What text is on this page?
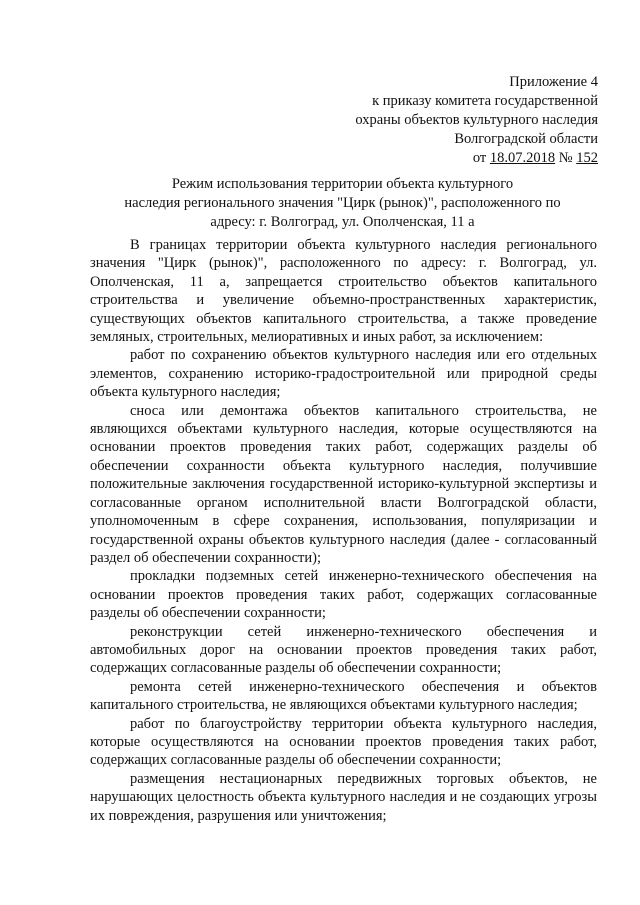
Приложение 4
к приказу комитета государственной
охраны объектов культурного наследия
Волгоградской области
от 18.07.2018 № 152
Режим использования территории объекта культурного
наследия регионального значения "Цирк (рынок)", расположенного по
адресу: г. Волгоград, ул. Ополченская, 11 а

В границах территории объекта культурного наследия регионального значения "Цирк (рынок)", расположенного по адресу: г. Волгоград, ул. Ополченская, 11 а, запрещается строительство объектов капитального строительства и увеличение объемно-пространственных характеристик, существующих объектов капитального строительства, а также проведение земляных, строительных, мелиоративных и иных работ, за исключением:

работ по сохранению объектов культурного наследия или его отдельных элементов, сохранению историко-градостроительной или природной среды объекта культурного наследия;

сноса или демонтажа объектов капитального строительства, не являющихся объектами культурного наследия, которые осуществляются на основании проектов проведения таких работ, содержащих разделы об обеспечении сохранности объекта культурного наследия, получившие положительные заключения государственной историко-культурной экспертизы и согласованные органом исполнительной власти Волгоградской области, уполномоченным в сфере сохранения, использования, популяризации и государственной охраны объектов культурного наследия (далее - согласованный раздел об обеспечении сохранности);

прокладки подземных сетей инженерно-технического обеспечения на основании проектов проведения таких работ, содержащих согласованные разделы об обеспечении сохранности;

реконструкции сетей инженерно-технического обеспечения и автомобильных дорог на основании проектов проведения таких работ, содержащих согласованные разделы об обеспечении сохранности;

ремонта сетей инженерно-технического обеспечения и объектов капитального строительства, не являющихся объектами культурного наследия;

работ по благоустройству территории объекта культурного наследия, которые осуществляются на основании проектов проведения таких работ, содержащих согласованные разделы об обеспечении сохранности;

размещения нестационарных передвижных торговых объектов, не нарушающих целостность объекта культурного наследия и не создающих угрозы их повреждения, разрушения или уничтожения;
